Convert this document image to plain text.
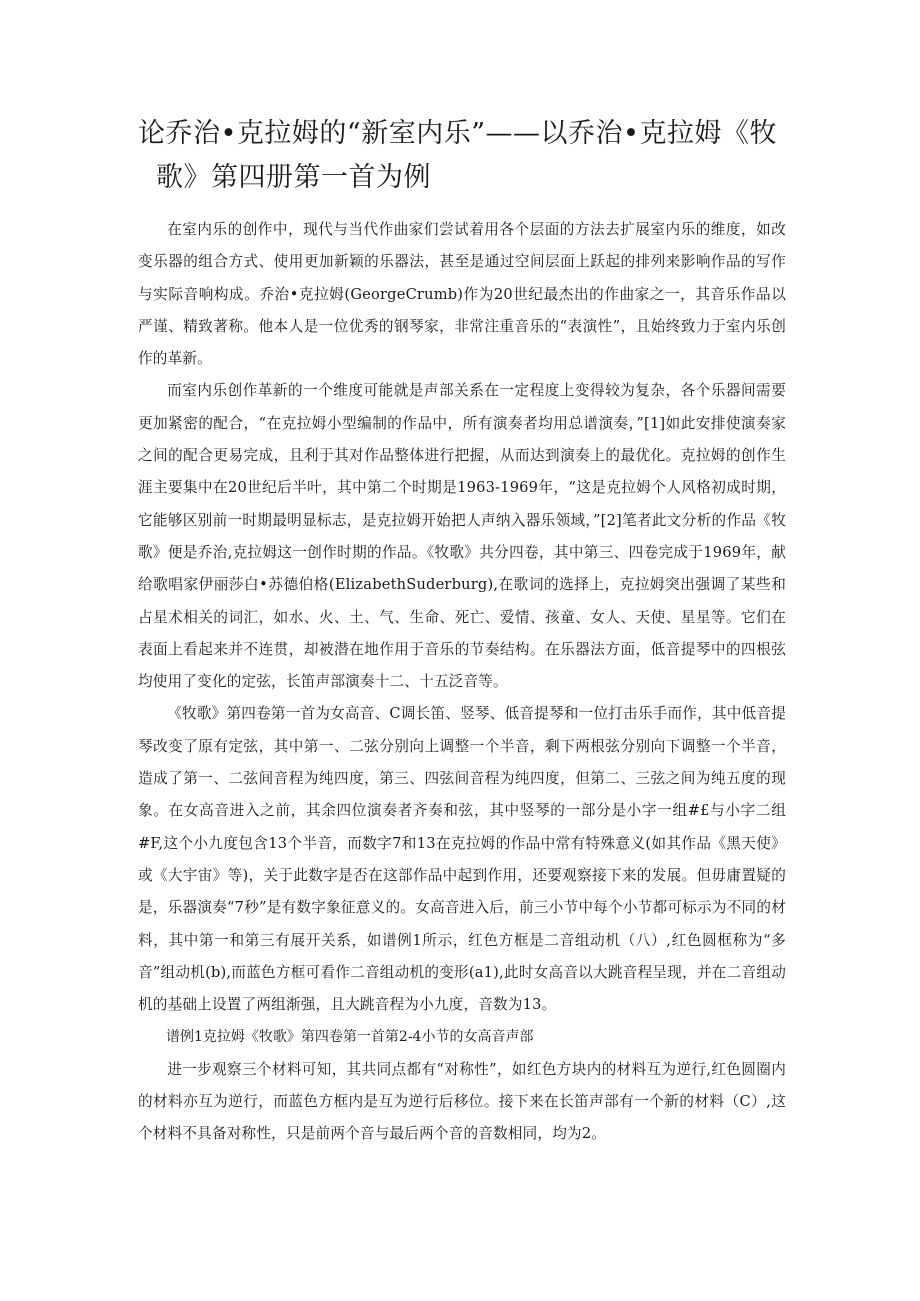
论乔治•克拉姆的“新室内乐”——以乔治•克拉姆《牧
歌》第四册第一首为例

在室内乐的创作中，现代与当代作曲家们尝试着用各个层面的方法去扩展室内乐的维度，如改变乐器的组合方式、使用更加新颖的乐器法，甚至是通过空间层面上跃起的排列来影响作品的写作与实际音响构成。乔治•克拉姆(GeorgeCrumb)作为20世纪最杰出的作曲家之一，其音乐作品以严谨、精致著称。他本人是一位优秀的钢琴家，非常注重音乐的“表演性”，且始终致力于室内乐创作的革新。

而室内乐创作革新的一个维度可能就是声部关系在一定程度上变得较为复杂，各个乐器间需要更加紧密的配合，“在克拉姆小型编制的作品中，所有演奏者均用总谱演奏，”[1]如此安排使演奏家之间的配合更易完成，且利于其对作品整体进行把握，从而达到演奏上的最优化。克拉姆的创作生涯主要集中在20世纪后半叶，其中第二个时期是1963-1969年，“这是克拉姆个人风格初成时期，它能够区别前一时期最明显标志，是克拉姆开始把人声纳入器乐领域，”[2]笔者此文分析的作品《牧歌》便是乔治,克拉姆这一创作时期的作品。《牧歌》共分四卷，其中第三、四卷完成于1969年，献给歌唱家伊丽莎白•苏德伯格(ElizabethSuderburg),在歌词的选择上，克拉姆突出强调了某些和占星术相关的词汇，如水、火、土、气、生命、死亡、爱情、孩童、女人、天使、星星等。它们在表面上看起来并不连贯，却被潜在地作用于音乐的节奏结构。在乐器法方面，低音提琴中的四根弦均使用了变化的定弦，长笛声部演奏十二、十五泛音等。

《牧歌》第四卷第一首为女高音、C调长笛、竖琴、低音提琴和一位打击乐手而作，其中低音提琴改变了原有定弦，其中第一、二弦分别向上调整一个半音，剩下两根弦分别向下调整一个半音，造成了第一、二弦间音程为纯四度，第三、四弦间音程为纯四度，但第二、三弦之间为纯五度的现象。在女高音进入之前，其余四位演奏者齐奏和弦，其中竖琴的一部分是小字一组#£与小字二组#F,这个小九度包含13个半音，而数字7和13在克拉姆的作品中常有特殊意义(如其作品《黑天使》或《大宇宙》等)，关于此数字是否在这部作品中起到作用，还要观察接下来的发展。但毋庸置疑的是，乐器演奏“7秒”是有数字象征意义的。女高音进入后，前三小节中每个小节都可标示为不同的材料，其中第一和第三有展开关系，如谱例1所示，红色方框是二音组动机（八）,红色圆框称为“多音”组动机(b),而蓝色方框可看作二音组动机的变形(a1),此时女高音以大跳音程呈现，并在二音组动机的基础上设置了两组渐强，且大跳音程为小九度，音数为13。

谱例1克拉姆《牧歌》第四卷第一首第2-4小节的女高音声部

进一步观察三个材料可知，其共同点都有“对称性”，如红色方块内的材料互为逆行,红色圆圈内的材料亦互为逆行，而蓝色方框内是互为逆行后移位。接下来在长笛声部有一个新的材料（C）,这个材料不具备对称性，只是前两个音与最后两个音的音数相同，均为2。
